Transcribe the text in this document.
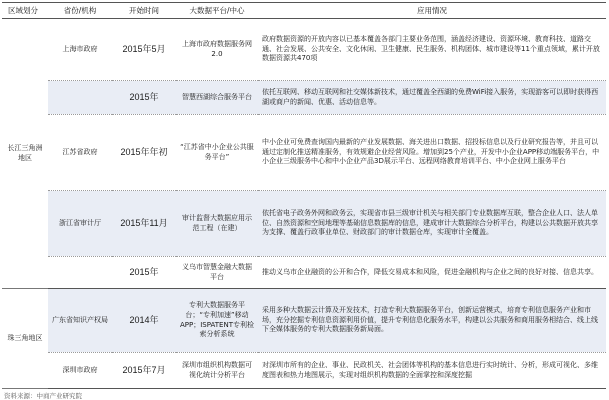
区域划分	省份/机构	开始时间	大数据平台/中心	应用情况
长江三角洲地区	上海市政府	2015年5月	上海市政府数据服务网2.0	政府数据资源的开放内容以已基本覆盖各部门主要业务范围，涵盖经济建设、资源环境、教育科技、道路交通、社会发展、公共安全、文化休闲、卫生健康、民生服务、机构团体、城市建设等11个重点领域，累计开放数据资源共470项
		2015年	智慧西湖综合服务平台	依托互联网、移动互联网和社交媒体新技术，通过覆盖全西湖的免费WiFi接入服务，实现游客可以即时获得西湖或商户的新闻、优惠、活动信息等。
	江苏省政府	2015年年初	“江苏省中小企业公共服务平台”	中小企业可免费查询国内最新的产业发展数据、海关进出口数据、招投标信息以及行业研究报告等，并且可以通过定制化推送精准服务，有效规避企业经营风险。增加到25个产业，开发中小企业APP移动端服务平台，中小企业三级服务中心和中小企业产品3D展示平台、远程网络教育培训平台、中小企业网上服务平台
	浙江省审计厅	2015年11月	审计监督大数据应用示范工程（在建）	依托省电子政务外网和政务云，实现省市县三级审计机关与相关部门专业数据库互联，整合企业人口、法人单位、自然资源和空间地理等基础信息数据库的信息，建成审计大数据综合分析平台，构建以公共数据开放共享为支撑、覆盖行政事业单位、财政部门的审计数据仓库，实现审计全覆盖。
		2015年	义乌市智慧金融大数据平台	推动义乌市企业融资的公开和合作，降低交易成本和风险，促进金融机构与企业之间的良好对接、信息共享。
珠三角地区	广东省知识产权局	2014年	专利大数据服务平台；“专利加速”移动APP；ISPATENT专利检索分析系统	采用多种大数据云计算及开发技术，打造专利大数据服务平台，创新运营模式，培育专利信息服务产业和市场，充分挖掘专利信息资源利用价值，提升专利信息化服务水平，构建以公共服务和商用服务相结合、线上线下全媒体服务的专利大数据服务新局面。
	深圳市政府	2015年7月	深圳市组织机构数据可视化统计分析平台	对深圳市所有的企业、事业、民政机关、社会团体等机构的基本信息进行实时统计、分析，形成可视化、多维度图表和热力地图展示，实现对组织机构数据的全面掌控和深度挖掘
资料来源：中商产业研究院
